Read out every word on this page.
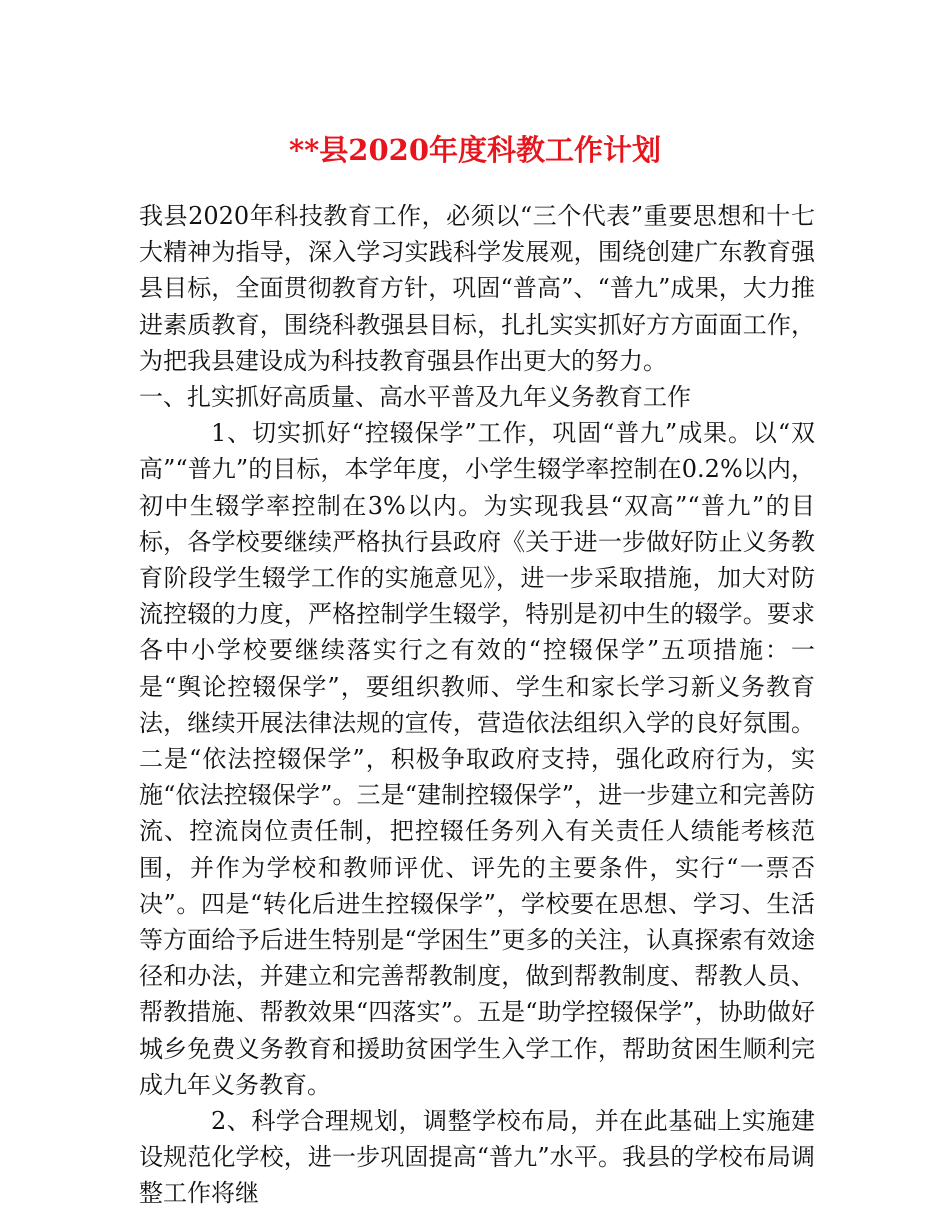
**县2020年度科教工作计划

我县2020年科技教育工作，必须以“三个代表”重要思想和十七大精神为指导，深入学习实践科学发展观，围绕创建广东教育强县目标，全面贯彻教育方针，巩固“普高”、“普九”成果，大力推进素质教育，围绕科教强县目标，扎扎实实抓好方方面面工作，为把我县建设成为科技教育强县作出更大的努力。

一、扎实抓好高质量、高水平普及九年义务教育工作

1、切实抓好“控辍保学”工作，巩固“普九”成果。以“双高”“普九”的目标，本学年度，小学生辍学率控制在0.2%以内，初中生辍学率控制在3%以内。为实现我县“双高”“普九”的目标，各学校要继续严格执行县政府《关于进一步做好防止义务教育阶段学生辍学工作的实施意见》，进一步采取措施，加大对防流控辍的力度，严格控制学生辍学，特别是初中生的辍学。要求各中小学校要继续落实行之有效的“控辍保学”五项措施：一是“舆论控辍保学”，要组织教师、学生和家长学习新义务教育法，继续开展法律法规的宣传，营造依法组织入学的良好氛围。二是“依法控辍保学”，积极争取政府支持，强化政府行为，实施“依法控辍保学”。三是“建制控辍保学”，进一步建立和完善防流、控流岗位责任制，把控辍任务列入有关责任人绩能考核范围，并作为学校和教师评优、评先的主要条件，实行“一票否决”。四是“转化后进生控辍保学”，学校要在思想、学习、生活等方面给予后进生特别是“学困生”更多的关注，认真探索有效途径和办法，并建立和完善帮教制度，做到帮教制度、帮教人员、帮教措施、帮教效果“四落实”。五是“助学控辍保学”，协助做好城乡免费义务教育和援助贫困学生入学工作，帮助贫困生顺利完成九年义务教育。

2、科学合理规划，调整学校布局，并在此基础上实施建设规范化学校，进一步巩固提高“普九”水平。我县的学校布局调整工作将继
